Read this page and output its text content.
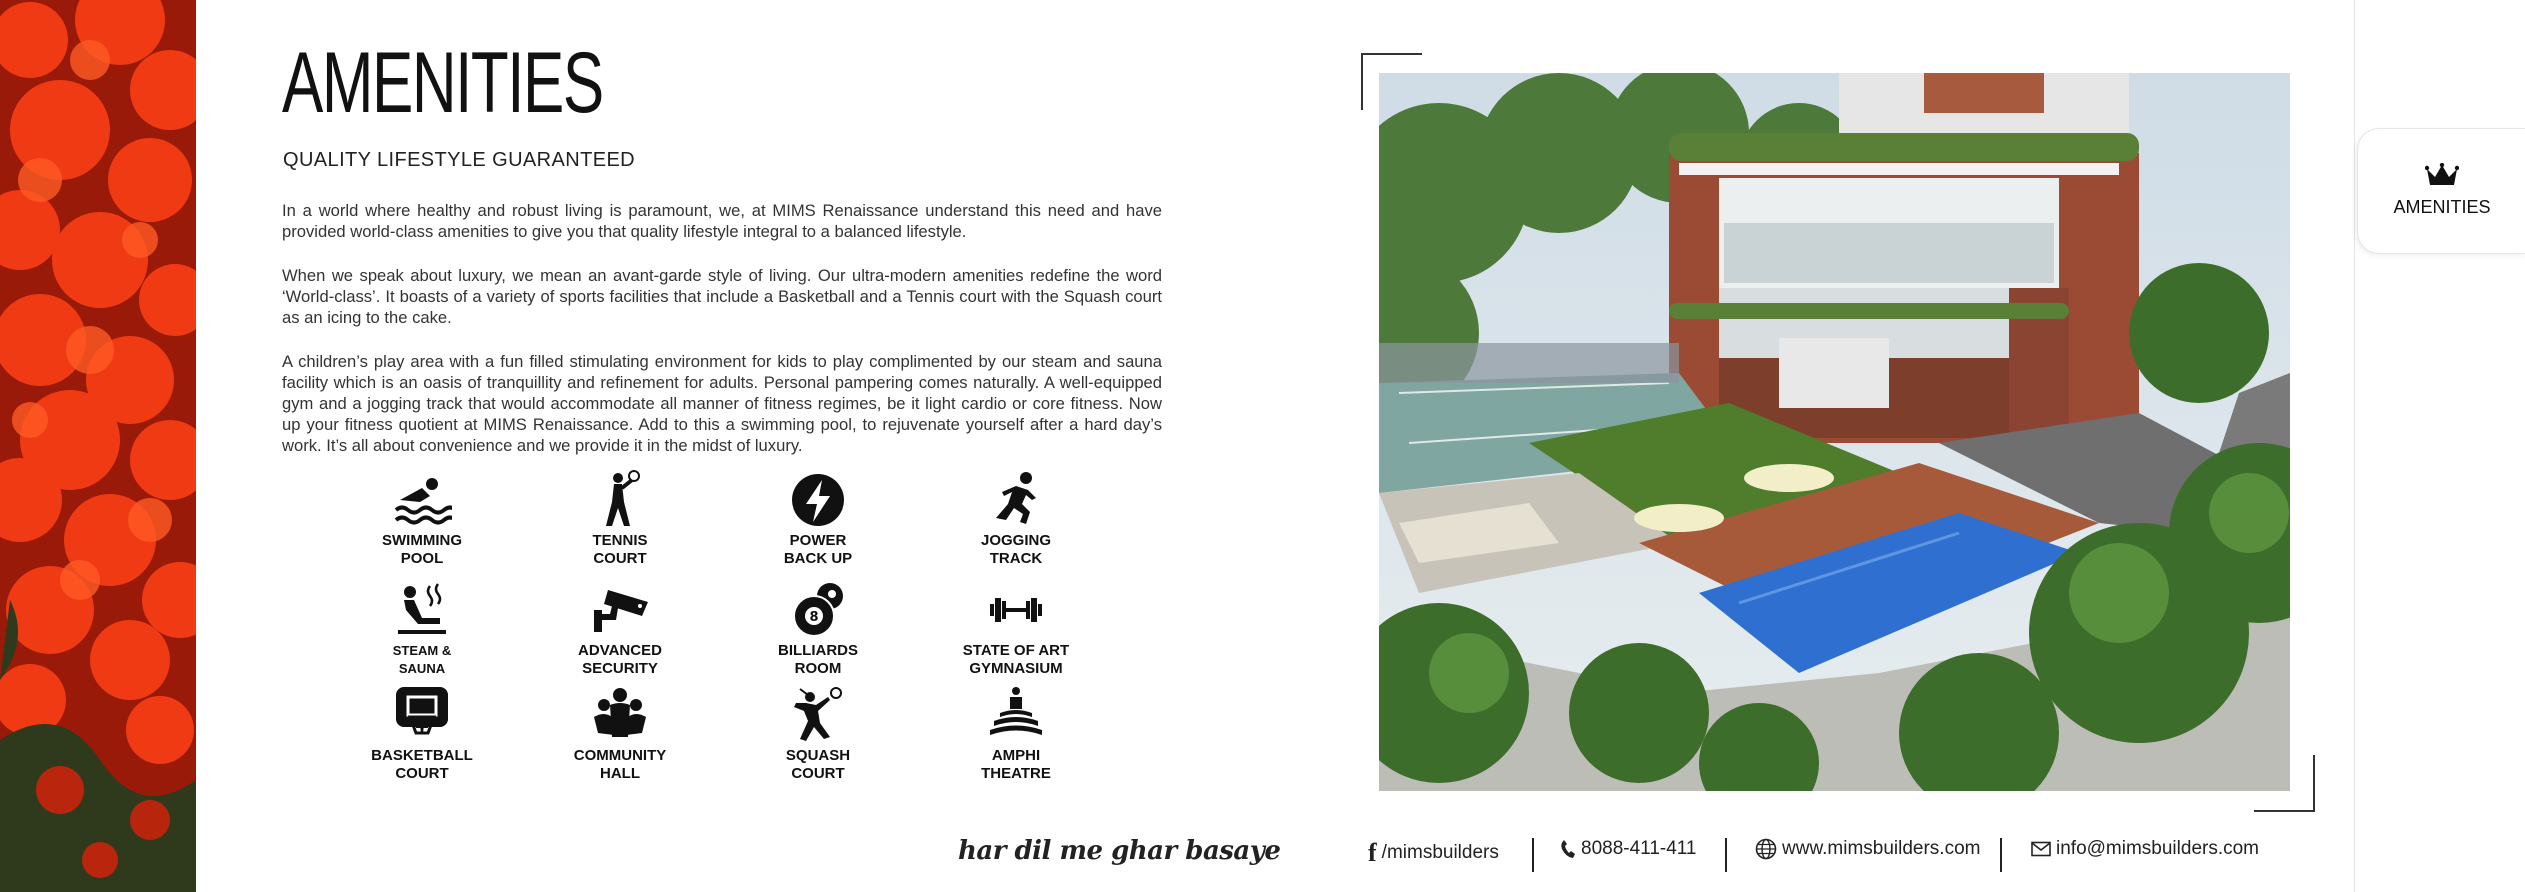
AMENITIES
QUALITY LIFESTYLE GUARANTEED

In a world where healthy and robust living is paramount, we, at MIMS Renaissance understand this need and have provided world-class amenities to give you that quality lifestyle integral to a balanced lifestyle.

When we speak about luxury, we mean an avant-garde style of living. Our ultra-modern amenities redefine the word ‘World-class’. It boasts of a variety of sports facilities that include a Basketball and a Tennis court with the Squash court as an icing to the cake.

A children’s play area with a fun filled stimulating environment for kids to play complimented by our steam and sauna facility which is an oasis of tranquillity and refinement for adults. Personal pampering comes naturally. A well-equipped gym and a jogging track that would accommodate all manner of fitness regimes, be it light cardio or core fitness. Now up your fitness quotient at MIMS Renaissance. Add to this a swimming pool, to rejuvenate yourself after a hard day’s work. It’s all about convenience and we provide it in the midst of luxury.

SWIMMING
POOL
TENNIS
COURT
POWER
BACK UP
JOGGING
TRACK
STEAM &
SAUNA
ADVANCED
SECURITY
8
BILLIARDS
ROOM
STATE OF ART
GYMNASIUM
BASKETBALL
COURT
COMMUNITY
HALL
SQUASH
COURT
AMPHI
THEATRE
har dil me ghar basaye	f /mimsbuilders	8088-411-411	www.mimsbuilders.com	info@mimsbuilders.com
AMENITIES
